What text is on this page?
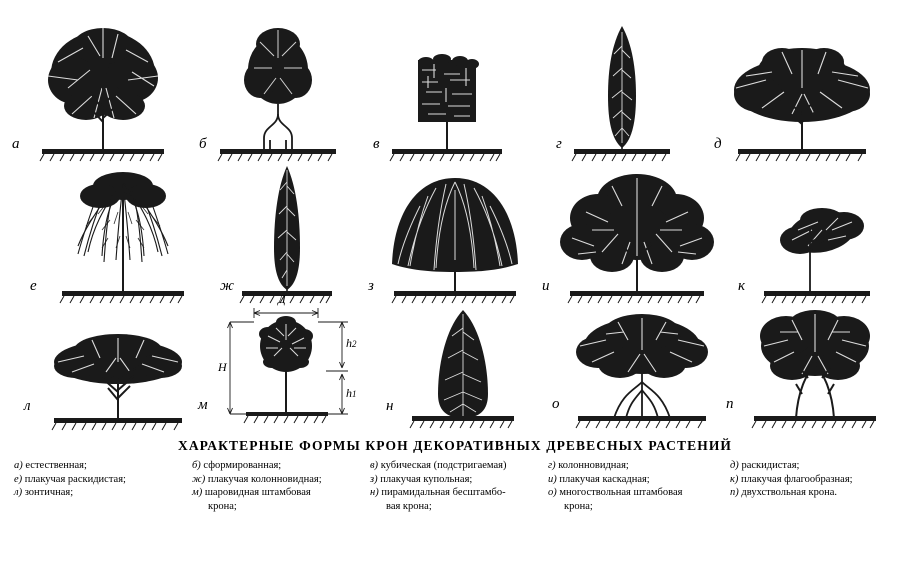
а	б	в	г	д
е	ж	з	и	к
л
Д
Н
h2
h1
м	н	о	п
ХАРАКТЕРНЫЕ ФОРМЫ КРОН ДЕКОРАТИВНЫХ ДРЕВЕСНЫХ РАСТЕНИЙ
а) естественная;
е) плакучая раскидистая;
л) зонтичная;
б) сформированная;
ж) плакучая колонновидная;
м) шаровидная штамбовая
крона;
в) кубическая (подстригаемая)
з) плакучая купольная;
н) пирамидальная бесштамбо-
вая крона;
г) колонновидная;
и) плакучая каскадная;
о) многоствольная штамбовая
крона;
д) раскидистая;
к) плакучая флагообразная;
п) двухствольная крона.
